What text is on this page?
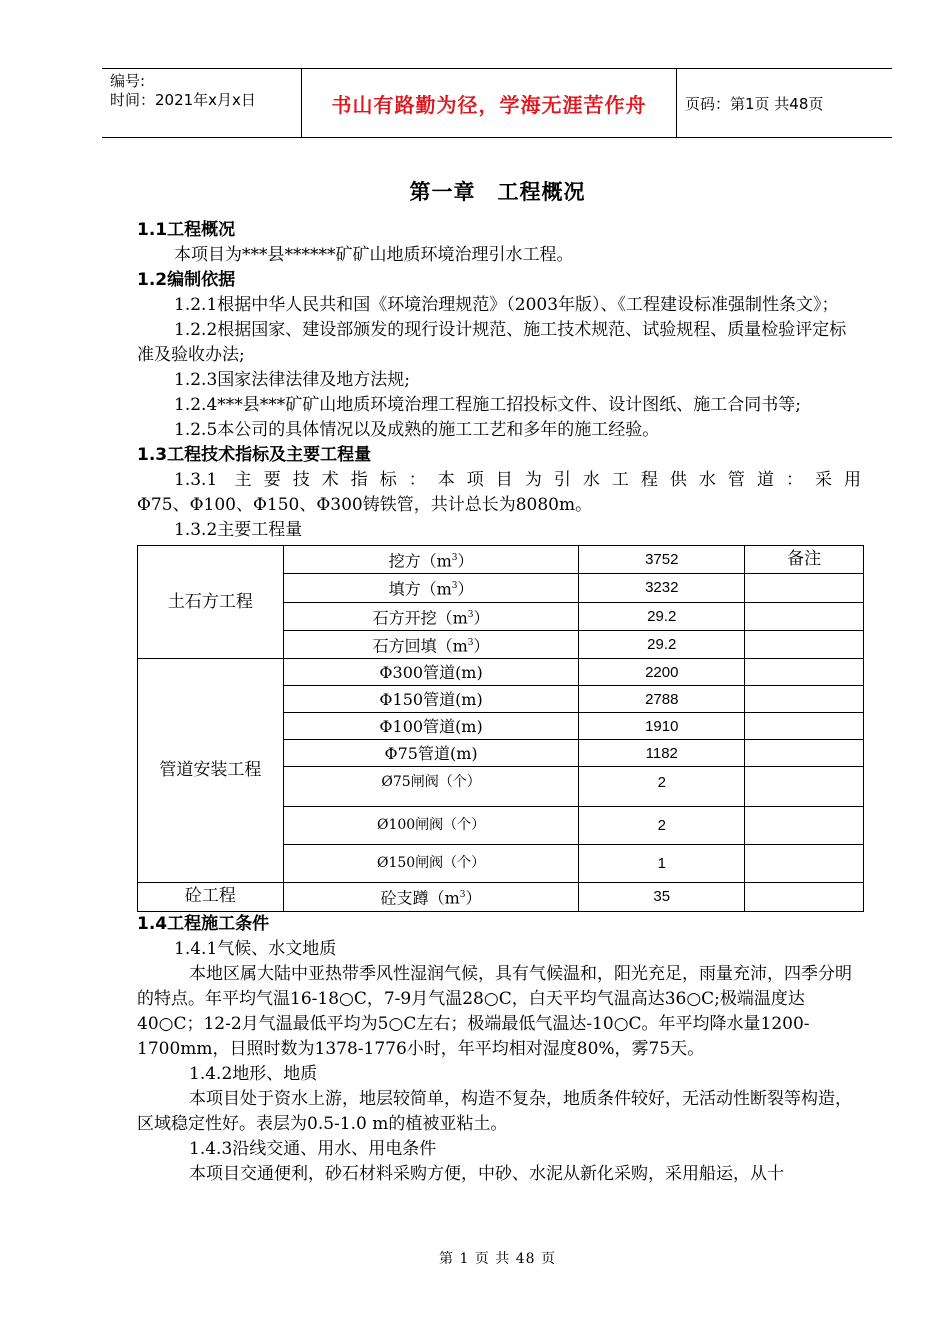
编号:
时间：2021年x月x日	书山有路勤为径，学海无涯苦作舟	页码：第1页 共48页
第一章　工程概况

1.1工程概况

本项目为***县******矿矿山地质环境治理引水工程。

1.2编制依据

1.2.1根据中华人民共和国《环境治理规范》（2003年版）、《工程建设标准强制性条文》；

1.2.2根据国家、建设部颁发的现行设计规范、施工技术规范、试验规程、质量检验评定标准及验收办法;

1.2.3国家法律法律及地方法规;

1.2.4***县***矿矿山地质环境治理工程施工招投标文件、设计图纸、施工合同书等;

1.2.5本公司的具体情况以及成熟的施工工艺和多年的施工经验。

1.3工程技术指标及主要工程量

1.3.1 主要技术指标：本项目为引水工程供水管道：采用

Φ75、Φ100、Φ150、Φ300铸铁管，共计总长为8080m。

1.3.2主要工程量

土石方工程	挖方$(m^3)$	3752	备注
	填方$(m^3)$	3232	
	石方开挖$(m^3)$	29.2	
	石方回填$(m^3)$	29.2	
管道安装工程	Φ300管道(m)	2200	
	Φ150管道(m)	2788	
	Φ100管道(m)	1910	
	Φ75管道(m)	1182	
	Ø75闸阀（个）	2	
	Ø100闸阀（个）	2	
	Ø150闸阀（个）	1	
砼工程	砼支蹲$(m^3)$	35	

1.4工程施工条件

1.4.1气候、水文地质

本地区属大陆中亚热带季风性湿润气候，具有气候温和，阳光充足，雨量充沛，四季分明的特点。年平均气温16-18○C，7-9月气温28○C，白天平均气温高达36○C;极端温度达40○C；12-2月气温最低平均为5○C左右；极端最低气温达-10○C。年平均降水量1200-1700mm，日照时数为1378-1776小时，年平均相对湿度80%，雾75天。

1.4.2地形、地质

本项目处于资水上游，地层较简单，构造不复杂，地质条件较好，无活动性断裂等构造，区域稳定性好。表层为0.5-1.0 m的植被亚粘土。

1.4.3沿线交通、用水、用电条件

本项目交通便利，砂石材料采购方便，中砂、水泥从新化采购，采用船运，从十

第 1 页 共 48 页
